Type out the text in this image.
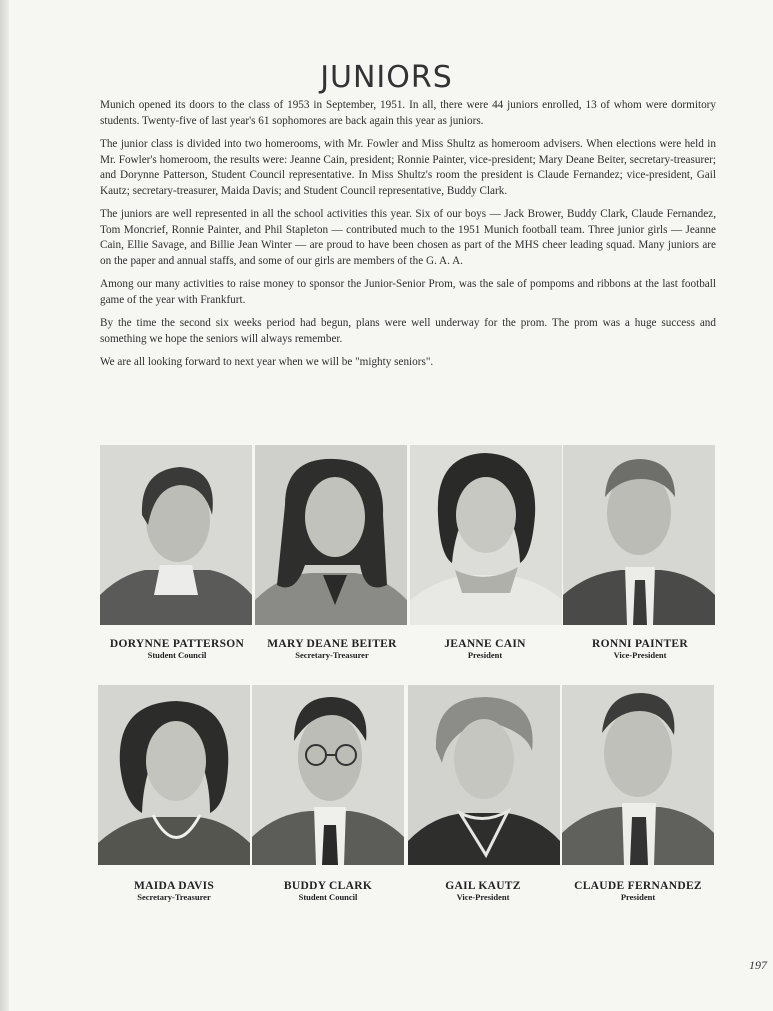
JUNIORS

Munich opened its doors to the class of 1953 in September, 1951. In all, there were 44 juniors enrolled, 13 of whom were dormitory students. Twenty-five of last year's 61 sophomores are back again this year as juniors.

The junior class is divided into two homerooms, with Mr. Fowler and Miss Shultz as homeroom advisers. When elections were held in Mr. Fowler's homeroom, the results were: Jeanne Cain, president; Ronnie Painter, vice-president; Mary Deane Beiter, secretary-treasurer; and Dorynne Patterson, Student Council representative. In Miss Shultz's room the president is Claude Fernandez; vice-president, Gail Kautz; secretary-treasurer, Maida Davis; and Student Council representative, Buddy Clark.

The juniors are well represented in all the school activities this year. Six of our boys — Jack Brower, Buddy Clark, Claude Fernandez, Tom Moncrief, Ronnie Painter, and Phil Stapleton — contributed much to the 1951 Munich football team. Three junior girls — Jeanne Cain, Ellie Savage, and Billie Jean Winter — are proud to have been chosen as part of the MHS cheer leading squad. Many juniors are on the paper and annual staffs, and some of our girls are members of the G. A. A.

Among our many activities to raise money to sponsor the Junior-Senior Prom, was the sale of pompoms and ribbons at the last football game of the year with Frankfurt.

By the time the second six weeks period had begun, plans were well underway for the prom. The prom was a huge success and something we hope the seniors will always remember.

We are all looking forward to next year when we will be "mighty seniors".

DORYNNE PATTERSON
Student Council
MARY DEANE BEITER
Secretary-Treasurer
JEANNE CAIN
President
RONNI PAINTER
Vice-President
MAIDA DAVIS
Secretary-Treasurer
BUDDY CLARK
Student Council
GAIL KAUTZ
Vice-President
CLAUDE FERNANDEZ
President
197
